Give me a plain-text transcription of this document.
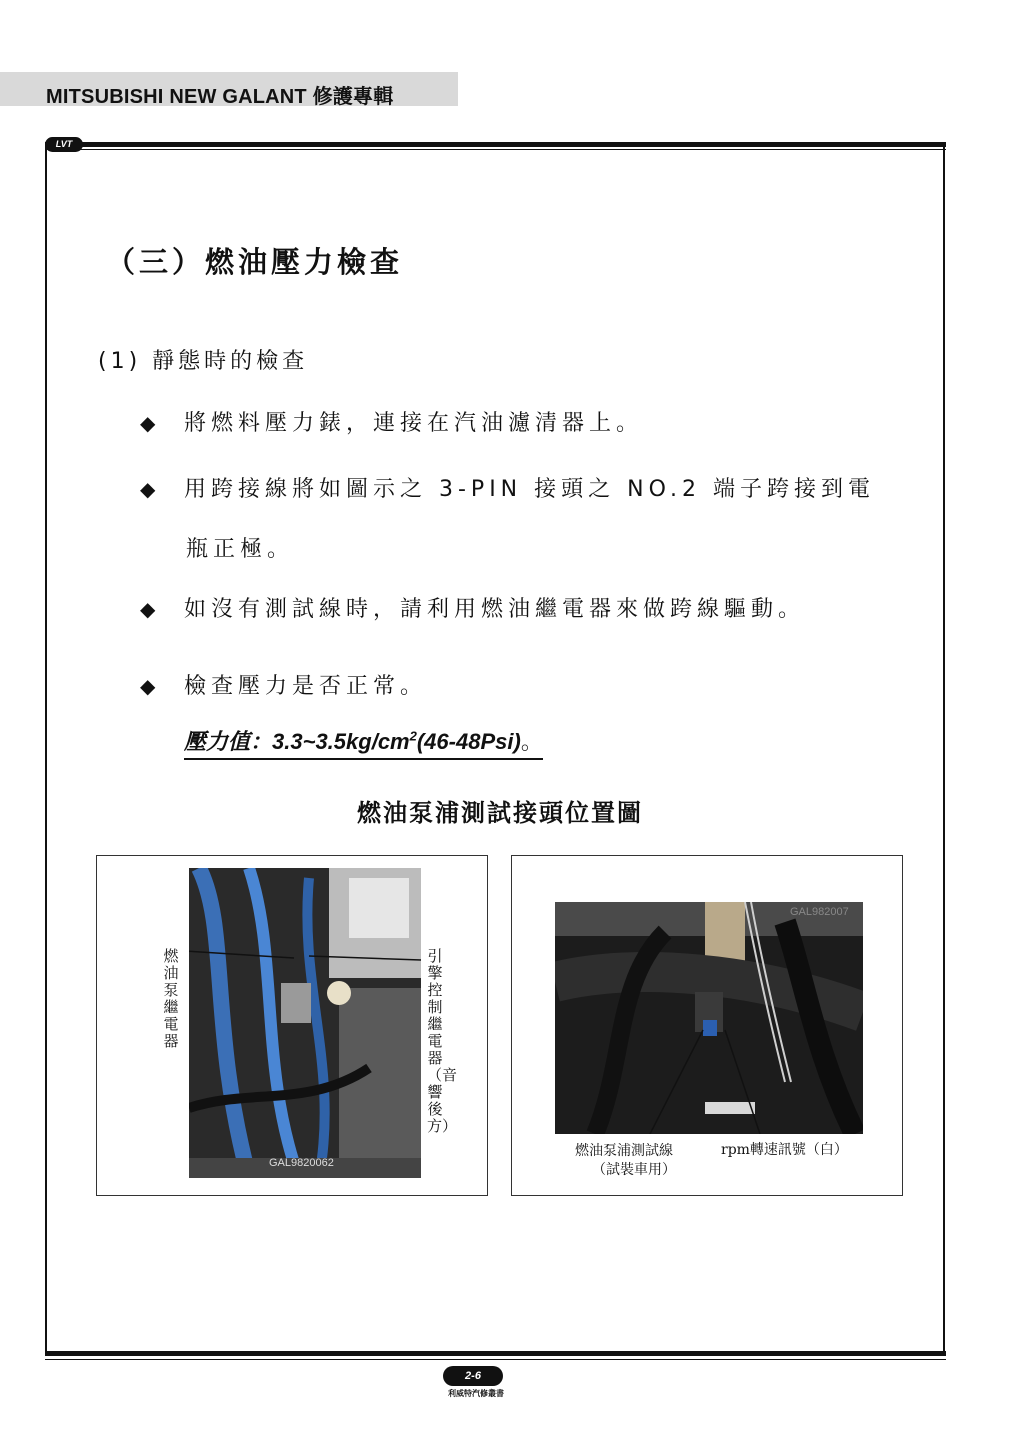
MITSUBISHI NEW GALANT 修護專輯
LVT
（三）燃油壓力檢查
(1) 靜態時的檢查
◆ 將燃料壓力錶，連接在汽油濾清器上。
◆ 用跨接線將如圖示之 3-PIN 接頭之 NO.2 端子跨接到電
瓶正極。
◆ 如沒有測試線時，請利用燃油繼電器來做跨線驅動。
◆ 檢查壓力是否正常。
壓力值：$3.3\sim 3.5kg/cm^2(46-48Psi)$。
燃油泵浦測試接頭位置圖
燃油泵繼電器
引擎控制繼電器（音響後方）
GAL9820062
GAL982007
燃油泵浦測試線
（試裝車用）
rpm轉速訊號（白）
2-6
利威特汽修叢書
